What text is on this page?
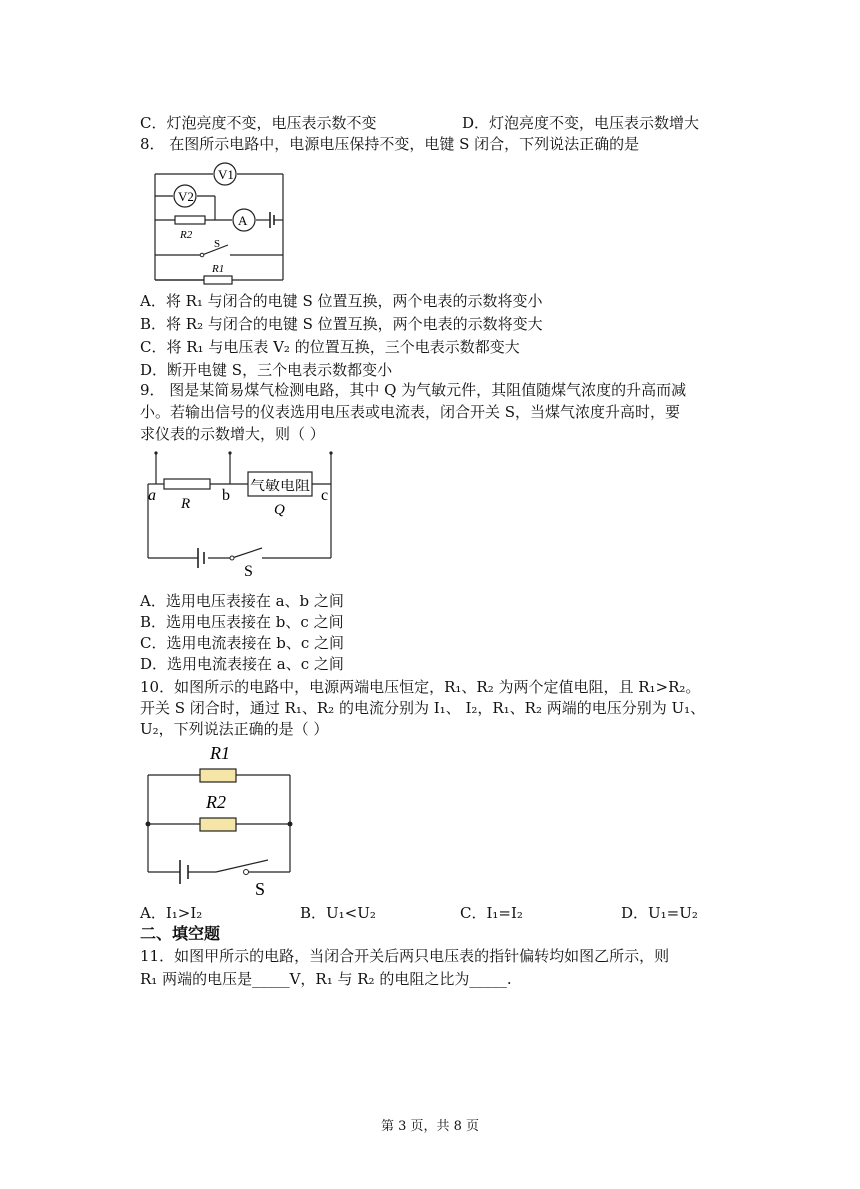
C．灯泡亮度不变，电压表示数不变	D．灯泡亮度不变，电压表示数增大
8． 在图所示电路中，电源电压保持不变，电键 S 闭合，下列说法正确的是
V1
V2
A
R2
S
R1
A．将 R₁ 与闭合的电键 S 位置互换，两个电表的示数将变小
B．将 R₂ 与闭合的电键 S 位置互换，两个电表的示数将变大
C．将 R₁ 与电压表 V₂ 的位置互换，三个电表示数都变大
D．断开电键 S，三个电表示数都变小
9． 图是某简易煤气检测电路，其中 Q 为气敏元件，其阻值随煤气浓度的升高而减
小。若输出信号的仪表选用电压表或电流表，闭合开关 S，当煤气浓度升高时，要
求仪表的示数增大，则（ ）
a	b	c
R
气敏电阻
Q
S
A．选用电压表接在 a、b 之间
B．选用电压表接在 b、c 之间
C．选用电流表接在 b、c 之间
D．选用电流表接在 a、c 之间
10．如图所示的电路中，电源两端电压恒定，R₁、R₂ 为两个定值电阻，且 R₁>R₂。
开关 S 闭合时，通过 R₁、R₂ 的电流分别为 I₁、 I₂，R₁、R₂ 两端的电压分别为 U₁、
U₂，下列说法正确的是（ ）
R1
R2
S
A．I₁>I₂	B．U₁<U₂	C．I₁=I₂	D．U₁=U₂
二、填空题
11．如图甲所示的电路，当闭合开关后两只电压表的指针偏转均如图乙所示，则
R₁ 两端的电压是_____V，R₁ 与 R₂ 的电阻之比为_____.
第 3 页，共 8 页
